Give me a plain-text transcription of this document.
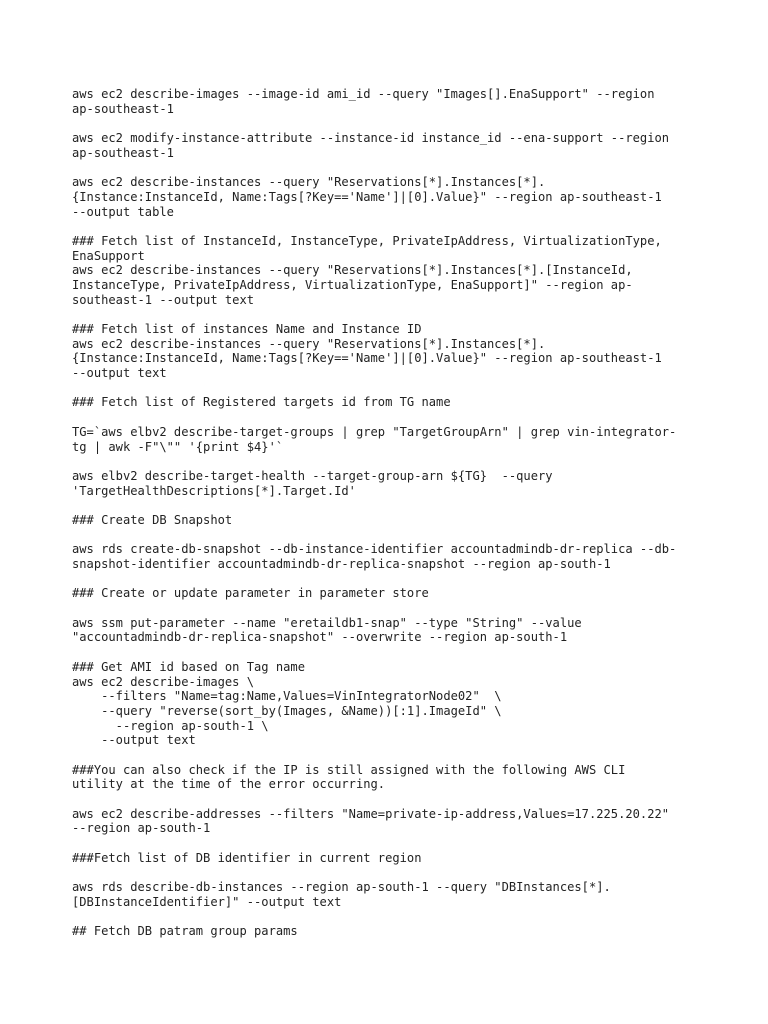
aws ec2 describe-images --image-id ami_id --query "Images[].EnaSupport" --region
ap-southeast-1
aws ec2 modify-instance-attribute --instance-id instance_id --ena-support --region
ap-southeast-1
aws ec2 describe-instances --query "Reservations[*].Instances[*].
{Instance:InstanceId, Name:Tags[?Key=='Name']|[0].Value}" --region ap-southeast-1
--output table
### Fetch list of InstanceId, InstanceType, PrivateIpAddress, VirtualizationType,
EnaSupport
aws ec2 describe-instances --query "Reservations[*].Instances[*].[InstanceId,
InstanceType, PrivateIpAddress, VirtualizationType, EnaSupport]" --region ap-
southeast-1 --output text
### Fetch list of instances Name and Instance ID
aws ec2 describe-instances --query "Reservations[*].Instances[*].
{Instance:InstanceId, Name:Tags[?Key=='Name']|[0].Value}" --region ap-southeast-1
--output text
### Fetch list of Registered targets id from TG name
TG=`aws elbv2 describe-target-groups | grep "TargetGroupArn" | grep vin-integrator-
tg | awk -F"\"" '{print $4}'`
aws elbv2 describe-target-health --target-group-arn ${TG}  --query
'TargetHealthDescriptions[*].Target.Id'
### Create DB Snapshot
aws rds create-db-snapshot --db-instance-identifier accountadmindb-dr-replica --db-
snapshot-identifier accountadmindb-dr-replica-snapshot --region ap-south-1
### Create or update parameter in parameter store
aws ssm put-parameter --name "eretaildb1-snap" --type "String" --value
"accountadmindb-dr-replica-snapshot" --overwrite --region ap-south-1
### Get AMI id based on Tag name
aws ec2 describe-images \
--filters "Name=tag:Name,Values=VinIntegratorNode02"  \
--query "reverse(sort_by(Images, &Name))[:1].ImageId" \
--region ap-south-1 \
--output text
###You can also check if the IP is still assigned with the following AWS CLI
utility at the time of the error occurring.
aws ec2 describe-addresses --filters "Name=private-ip-address,Values=17.225.20.22"
--region ap-south-1
###Fetch list of DB identifier in current region
aws rds describe-db-instances --region ap-south-1 --query "DBInstances[*].
[DBInstanceIdentifier]" --output text
## Fetch DB patram group params
